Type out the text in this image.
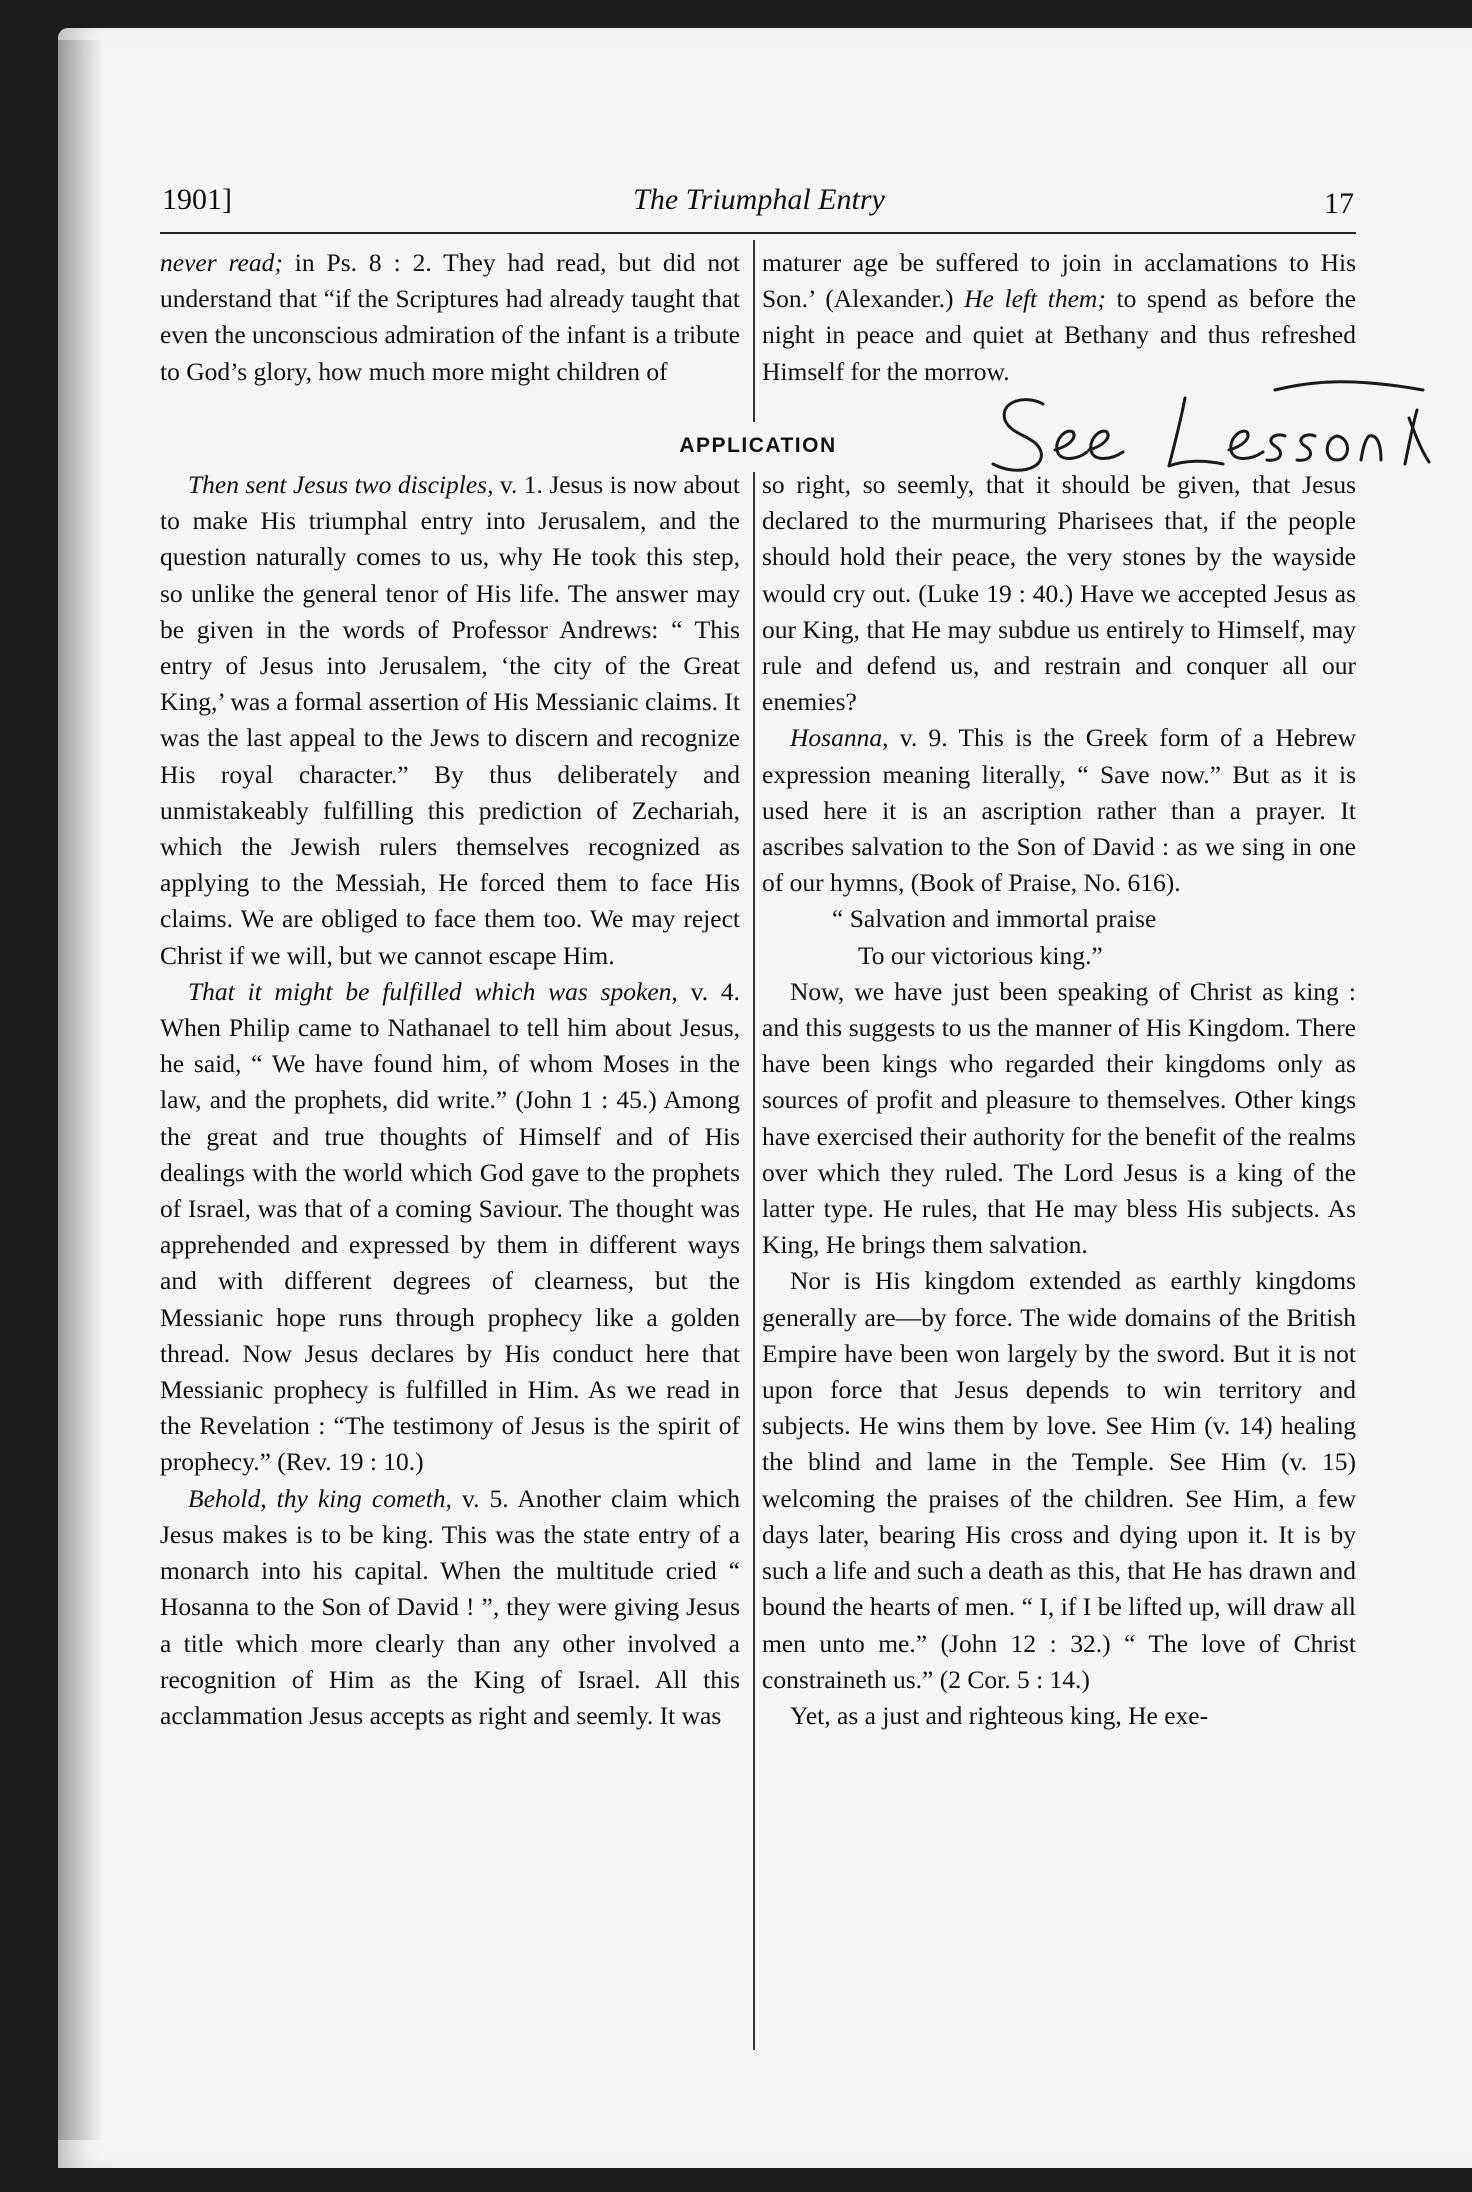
1901]	The Triumphal Entry	17

never read; in Ps. 8 : 2. They had read, but did not understand that “if the Scriptures had already taught that even the unconscious admiration of the infant is a tribute to God’s glory, how much more might children of

maturer age be suffered to join in acclamations to His Son.’ (Alexander.) He left them; to spend as before the night in peace and quiet at Bethany and thus refreshed Himself for the morrow.

APPLICATION

Then sent Jesus two disciples, v. 1. Jesus is now about to make His triumphal entry into Jerusalem, and the question naturally comes to us, why He took this step, so unlike the general tenor of His life. The answer may be given in the words of Professor Andrews: “ This entry of Jesus into Jerusalem, ‘the city of the Great King,’ was a formal assertion of His Messianic claims. It was the last appeal to the Jews to discern and recognize His royal character.” By thus deliberately and unmistakeably fulfilling this prediction of Zechariah, which the Jewish rulers themselves recognized as applying to the Messiah, He forced them to face His claims. We are obliged to face them too. We may reject Christ if we will, but we cannot escape Him.

That it might be fulfilled which was spoken, v. 4. When Philip came to Nathanael to tell him about Jesus, he said, “ We have found him, of whom Moses in the law, and the prophets, did write.” (John 1 : 45.) Among the great and true thoughts of Himself and of His dealings with the world which God gave to the prophets of Israel, was that of a coming Saviour. The thought was apprehended and expressed by them in different ways and with different degrees of clearness, but the Messianic hope runs through prophecy like a golden thread. Now Jesus declares by His conduct here that Messianic prophecy is fulfilled in Him. As we read in the Revelation : “The testimony of Jesus is the spirit of prophecy.” (Rev. 19 : 10.)

Behold, thy king cometh, v. 5. Another claim which Jesus makes is to be king. This was the state entry of a monarch into his capital. When the multitude cried “ Hosanna to the Son of David ! ”, they were giving Jesus a title which more clearly than any other involved a recognition of Him as the King of Israel. All this acclammation Jesus accepts as right and seemly. It was

so right, so seemly, that it should be given, that Jesus declared to the murmuring Pharisees that, if the people should hold their peace, the very stones by the wayside would cry out. (Luke 19 : 40.) Have we accepted Jesus as our King, that He may subdue us entirely to Himself, may rule and defend us, and restrain and conquer all our enemies?

Hosanna, v. 9. This is the Greek form of a Hebrew expression meaning literally, “ Save now.” But as it is used here it is an ascription rather than a prayer. It ascribes salvation to the Son of David : as we sing in one of our hymns, (Book of Praise, No. 616).

“ Salvation and immortal praise

To our victorious king.”

Now, we have just been speaking of Christ as king : and this suggests to us the manner of His Kingdom. There have been kings who regarded their kingdoms only as sources of profit and pleasure to themselves. Other kings have exercised their authority for the benefit of the realms over which they ruled. The Lord Jesus is a king of the latter type. He rules, that He may bless His subjects. As King, He brings them salvation.

Nor is His kingdom extended as earthly kingdoms generally are—by force. The wide domains of the British Empire have been won largely by the sword. But it is not upon force that Jesus depends to win territory and subjects. He wins them by love. See Him (v. 14) healing the blind and lame in the Temple. See Him (v. 15) welcoming the praises of the children. See Him, a few days later, bearing His cross and dying upon it. It is by such a life and such a death as this, that He has drawn and bound the hearts of men. “ I, if I be lifted up, will draw all men unto me.” (John 12 : 32.) “ The love of Christ constraineth us.” (2 Cor. 5 : 14.)

Yet, as a just and righteous king, He exe-
